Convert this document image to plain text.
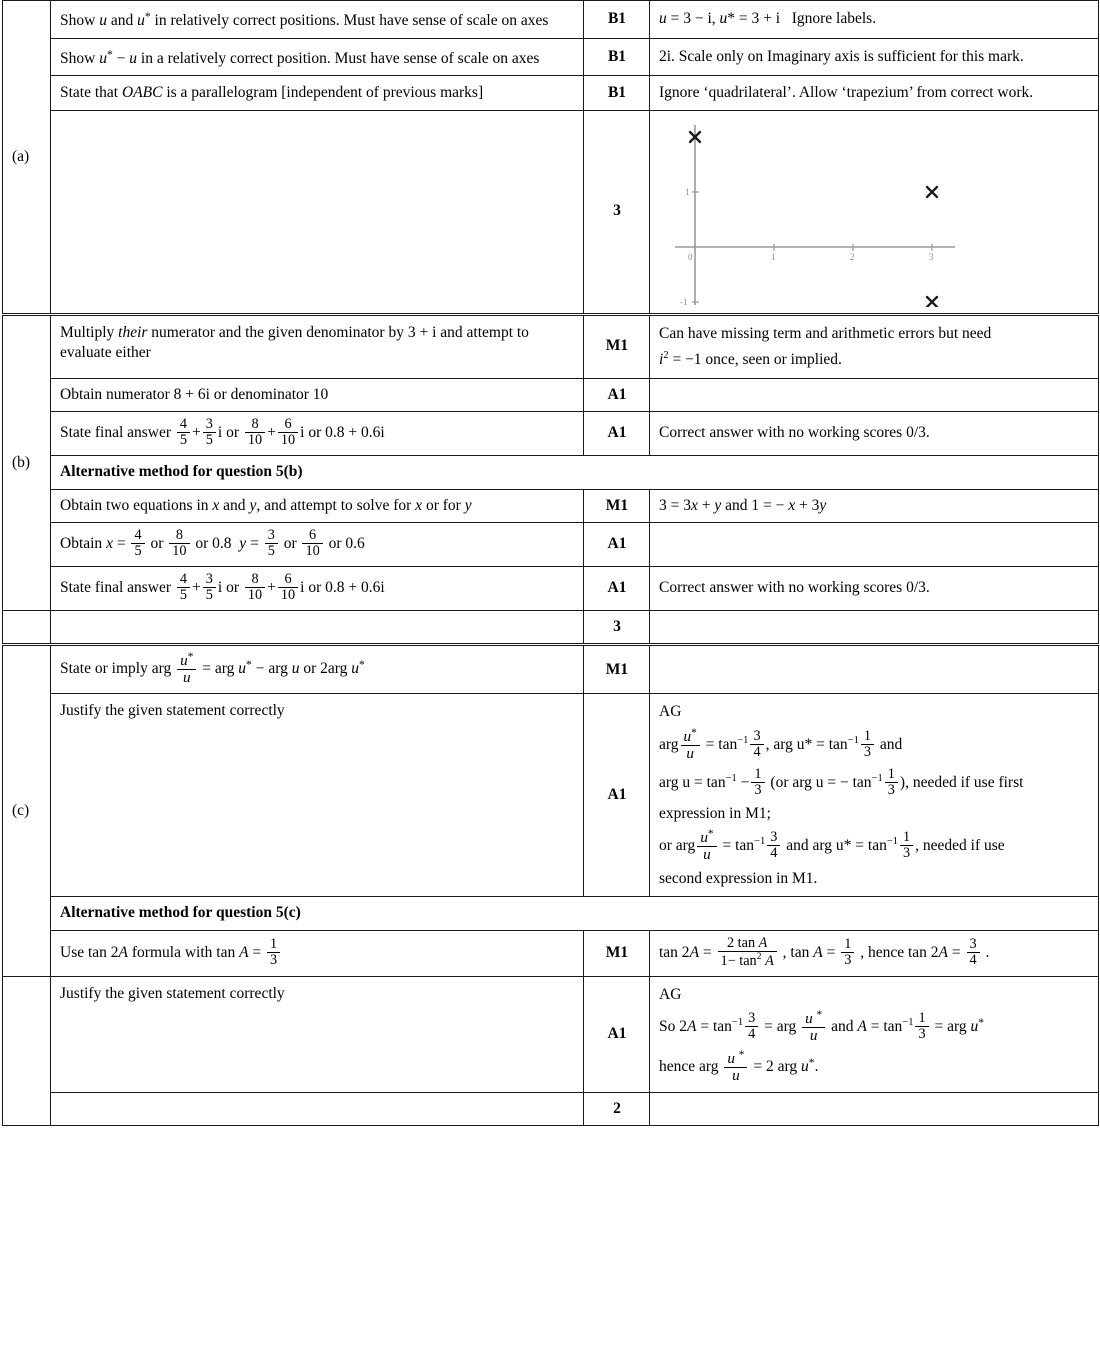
(a)	Show u and u* in relatively correct positions. Must have sense of scale on axes	B1	u = 3 − i, u* = 3 + i   Ignore labels.
	Show u* − u in a relatively correct position. Must have sense of scale on axes	B1	2i. Scale only on Imaginary axis is sufficient for this mark.
	State that OABC is a parallelogram [independent of previous marks]	B1	Ignore ‘quadrilateral’. Allow ‘trapezium’ from correct work.
	3	
0	1	2	3
1
-1

(b)	Multiply their numerator and the given denominator by 3 + i and attempt to evaluate either	M1	Can have missing term and arithmetic errors but need
$i^2 = -1$ once, seen or implied.

	Obtain numerator 8 + 6i or denominator 10	A1	
State final answer $\frac{4}{5} + \frac{3}{5}$ i or $\frac{8}{10} + \frac{6}{10}$ i or 0.8 + 0.6i	A1	Correct answer with no working scores 0/3.
	Alternative method for question 5(b)		
	Obtain two equations in x and y, and attempt to solve for x or for y	M1	3 = 3x + y and 1 = − x + 3y
Obtain $x = \frac{4}{5}$ or $\frac{8}{10}$ or 0.8 $y = \frac{3}{5}$ or $\frac{6}{10}$ or 0.6	A1	
State final answer $\frac{4}{5} + \frac{3}{5}$ i or $\frac{8}{10} + \frac{6}{10}$ i or 0.8 + 0.6i	A1	Correct answer with no working scores 0/3.
		3	
(c)	State or imply arg $\frac{u^*}{u}$ = arg u* − arg u or 2arg u*	M1	
Justify the given statement correctly	A1	
AG
arg $\frac{u^*}{u} = \tan^{-1} \frac{3}{4}$ , arg $u* = \tan^{-1} \frac{1}{3}$ and
arg $u = \tan^{-1} - \frac{1}{3} (or$ arg u = − $\tan^{-1} \frac{1}{3}$ ), needed if use first
expression in M1;
or arg $\frac{u^*}{u} = \tan^{-1} \frac{3}{4}$ and arg $u* = \tan^{-1} \frac{1}{3}$ , needed if use
second expression in M1.

	Alternative method for question 5(c)		
Use tan 2A formula with $\tan A = \frac{1}{3}$	M1	$\tan 2A = \frac{\text{2 tan A}}{1- \tan^2 A}$ , $\tan A = \frac{1}{3}$ , hence $\tan 2A = \frac{3}{4}$ .
	Justify the given statement correctly	A1	
AG
So $2A = \tan^{-1} \frac{3}{4}$ = arg $\frac{u ^*}{u}$ and $A = \tan^{-1} \frac{1}{3}$ = arg u*
hence arg $\frac{u ^*}{u} = 2$ arg u*.

		2	
